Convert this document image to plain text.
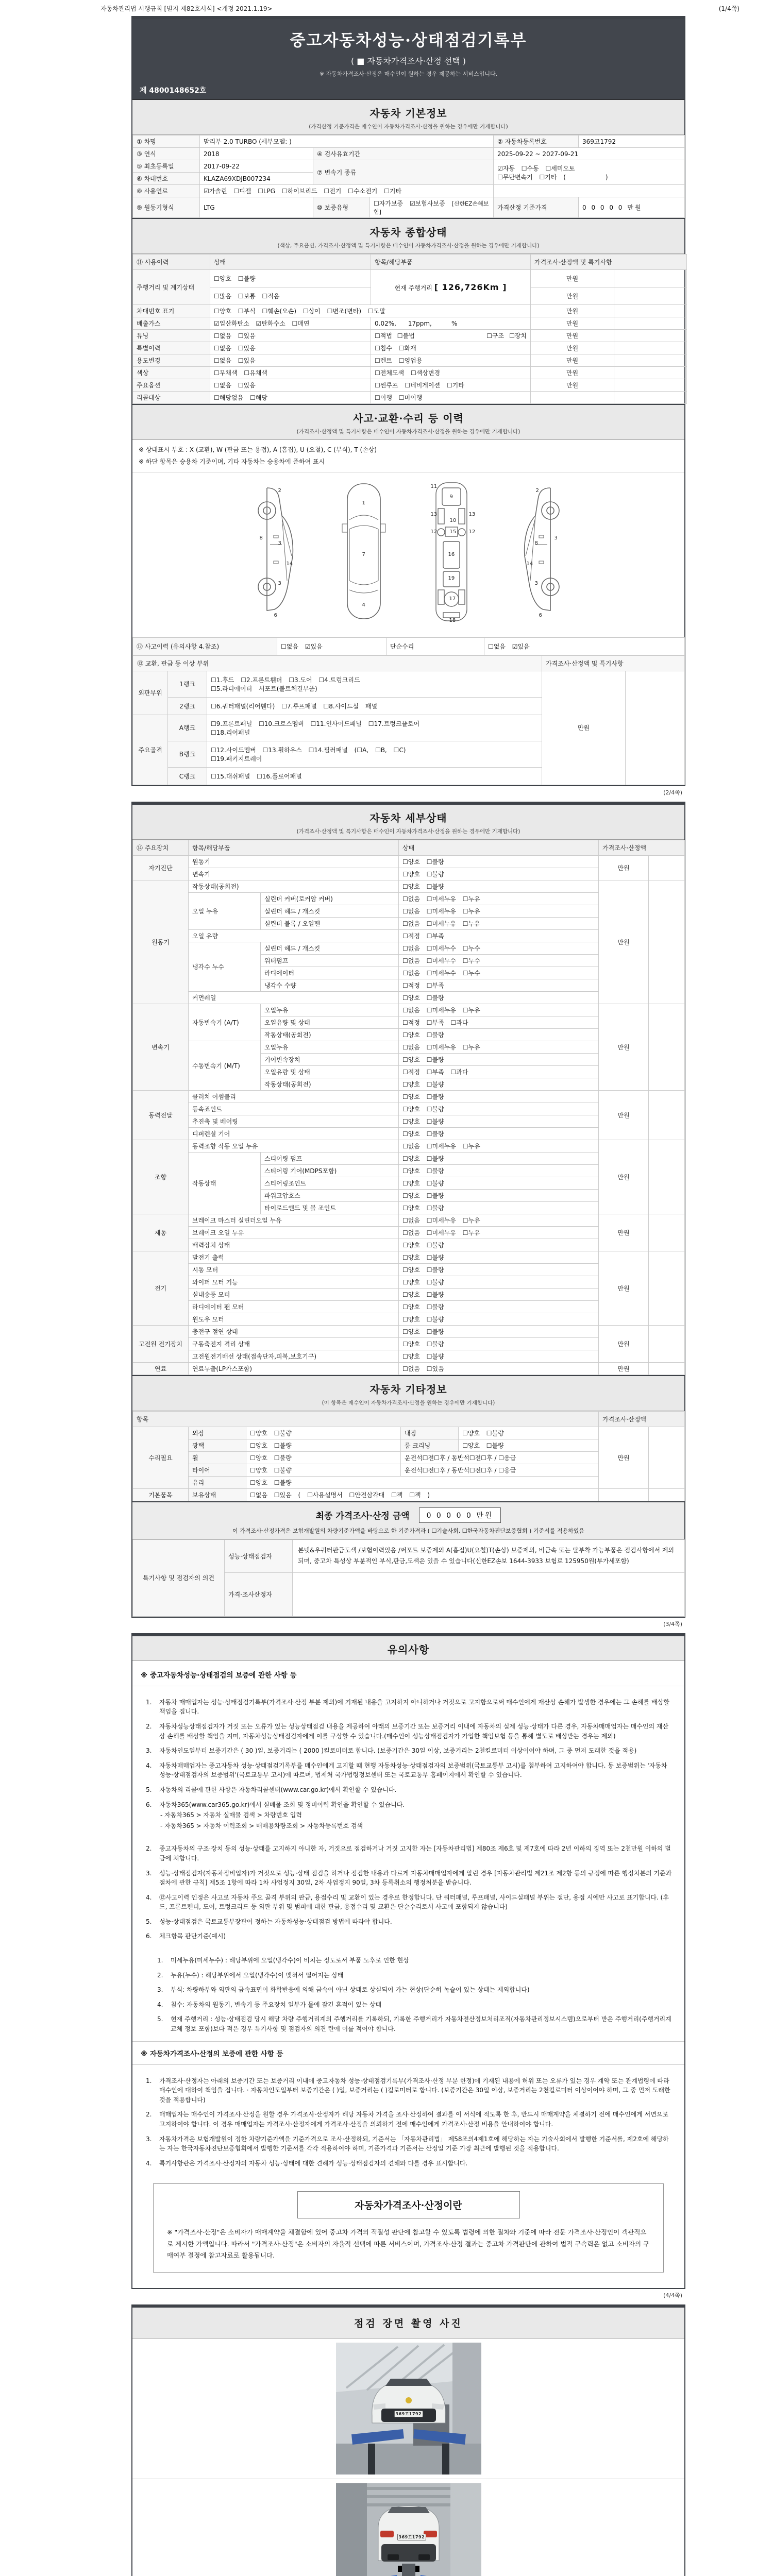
자동차관리법 시행규칙 [별지 제82호서식] <개정 2021.1.19>	(1/4쪽)
중고자동차성능·상태점검기록부
( ■ 자동차가격조사·산정 선택 )
※ 자동차가격조사·산정은 매수인이 원하는 경우 제공하는 서비스입니다.
제 4800148652호
자동차 기본정보
(가격산정 기준가격은 매수인이 자동차가격조사·산정을 원하는 경우에만 기재합니다)
① 차명	말리부 2.0 TURBO (세부모델: )			② 자동차등록번호	369고1792
③ 연식	2018	④ 검사유효기간		2025-09-22 ~ 2027-09-21	
⑤ 최초등록일	2017-09-22	⑦ 변속기 종류		☑자동 ☐수동 ☐세미오토
☐무단변속기 ☐기타 (      )	

⑥ 차대번호	KLAZA69XDJB007234				
⑧ 사용연료	☑가솔린 ☐디젤 ☐LPG ☐하이브리드 ☐전기 ☐수소전기 ☐기타				
⑨ 원동기형식	LTG	⑩ 보증유형	☐자가보증 ☑보험사보증 [신한EZ손해보험]	가격산정 기준가격	0 0 0 0 0 만원
자동차 종합상태
(색상, 주요옵션, 가격조사·산정액 및 특기사항은 매수인이 자동차가격조사·산정을 원하는 경우에만 기재합니다)
⑪ 사용이력	상태	항목/해당부품	가격조사·산정액 및 특기사항	
주행거리 및 계기상태	☐양호 ☐불량	현재 주행거리 [ 126,726Km ]	만원	
	☐많음 ☐보통 ☐적음		만원	
차대번호 표기	☐양호 ☐부식 ☐훼손(오손) ☐상이 ☐변조(변타) ☐도말		만원	
배출가스	☑일산화탄소 ☑탄화수소 ☐매연	0.02%,      17ppm,          %	만원	
튜닝	☐없음 ☐있음	☐적법 ☐불법 ☐구조 ☐장치	만원	
특별이력	☐없음 ☐있음	☐침수 ☐화재	만원	
용도변경	☐없음 ☐있음	☐렌트 ☐영업용	만원	
색상	☐무채색 ☐유채색	☐전체도색 ☐색상변경	만원	
주요옵션	☐없음 ☐있음	☐썬루프 ☐네비게이션 ☐기타	만원	
리콜대상	☐해당없음 ☐해당	☐이행 ☐미이행		
사고·교환·수리 등 이력
(가격조사·산정액 및 특기사항은 매수인이 자동차가격조사·산정을 원하는 경우에만 기재합니다)
※ 상태표시 부호 : X (교환), W (판금 또는 용접), A (흠집), U (요철), C (부식), T (손상)
※ 하단 항목은 승용차 기준이며, 기타 자동차는 승용차에 준하여 표시
2
8
3
14
3
6
1
7
4
11
13
12
9
10
15
16
13
19
12
17
18
2
8
3
14
3
6
⑫ 사고이력 (유의사항 4.참조)	☐없음 ☑있음	단순수리	☐없음 ☑있음
⑬ 교환, 판금 등 이상 부위			가격조사·산정액 및 특기사항	
외판부위	1랭크	☐1.후드 ☐2.프론트휀더 ☐3.도어 ☐4.트렁크리드
☐5.라디에이터 서포트(볼트체결부품)	만원	
	2랭크	☐6.쿼터패널(리어휀다) ☐7.루프패널 ☐8.사이드실 패널		
주요골격	A랭크	☐9.프론트패널 ☐10.크로스멤버 ☐11.인사이드패널 ☐17.트렁크플로어
☐18.리어패널		

	B랭크	☐12.사이드멤버 ☐13.휠하우스 ☐14.필러패널 (☐A, ☐B, ☐C)
☐19.패키지트레이		

	C랭크	☐15.대쉬패널 ☐16.플로어패널		
(2/4쪽)
자동차 세부상태
(가격조사·산정액 및 특기사항은 매수인이 자동차가격조사·산정을 원하는 경우에만 기재합니다)
⑭ 주요장치	항목/해당부품		상태	가격조사·산정액	
자기진단	원동기		☐양호 ☐불량	만원	
	변속기		☐양호 ☐불량		
원동기	작동상태(공회전)		☐양호 ☐불량	만원	
	오일 누유	실린더 커버(로커암 커버)	☐없음 ☐미세누유 ☐누유		
		실린더 헤드 / 개스킷	☐없음 ☐미세누유 ☐누유		
		실린더 블록 / 오일팬	☐없음 ☐미세누유 ☐누유		
	오일 유량		☐적정 ☐부족		
	냉각수 누수	실린더 헤드 / 개스킷	☐없음 ☐미세누수 ☐누수		
		워터펌프	☐없음 ☐미세누수 ☐누수		
		라디에이터	☐없음 ☐미세누수 ☐누수		
		냉각수 수량	☐적정 ☐부족		
	커먼레일		☐양호 ☐불량		
변속기	자동변속기 (A/T)	오일누유	☐없음 ☐미세누유 ☐누유	만원	
		오일유량 및 상태	☐적정 ☐부족 ☐과다		
		작동상태(공회전)	☐양호 ☐불량		
	수동변속기 (M/T)	오일누유	☐없음 ☐미세누유 ☐누유		
		기어변속장치	☐양호 ☐불량		
		오일유량 및 상태	☐적정 ☐부족 ☐과다		
		작동상태(공회전)	☐양호 ☐불량		
동력전달	클러치 어셈블리		☐양호 ☐불량	만원	
	등속죠인트		☐양호 ☐불량		
	추진축 및 베어링		☐양호 ☐불량		
	디퍼렌셜 기어		☐양호 ☐불량		
조향	동력조향 작동 오일 누유		☐없음 ☐미세누유 ☐누유	만원	
	작동상태	스티어링 펌프	☐양호 ☐불량		
		스티어링 기어(MDPS포함)	☐양호 ☐불량		
		스티어링조인트	☐양호 ☐불량		
		파워고압호스	☐양호 ☐불량		
		타이로드엔드 및 볼 조인트	☐양호 ☐불량		
제동	브레이크 마스터 실린더오일 누유		☐없음 ☐미세누유 ☐누유	만원	
	브레이크 오일 누유		☐없음 ☐미세누유 ☐누유		
	배력장치 상태		☐양호 ☐불량		
전기	발전기 출력		☐양호 ☐불량	만원	
	시동 모터		☐양호 ☐불량		
	와이퍼 모터 기능		☐양호 ☐불량		
	실내송풍 모터		☐양호 ☐불량		
	라디에이터 팬 모터		☐양호 ☐불량		
	윈도우 모터		☐양호 ☐불량		
고전원 전기장치	충전구 절연 상태		☐양호 ☐불량	만원	
	구동축전지 격리 상태		☐양호 ☐불량		
	고전원전기배선 상태(접속단자,피복,보호기구)		☐양호 ☐불량		
연료	연료누출(LP가스포함)		☐없음 ☐있음	만원	
자동차 기타정보
(이 항목은 매수인이 자동차가격조사·산정을 원하는 경우에만 기재합니다)
항목					가격조사·산정액	
수리필요	외장	☐양호 ☐불량	내장	☐양호 ☐불량	만원	
	광택	☐양호 ☐불량	룸 크리닝	☐양호 ☐불량		
	휠	☐양호 ☐불량	운전석☐전☐후 / 동반석☐전☐후 / ☐응급			
	타이어	☐양호 ☐불량	운전석☐전☐후 / 동반석☐전☐후 / ☐응급			
	유리	☐양호 ☐불량				
기본품목	보유상태	☐없음 ☐있음 ( ☐사용설명서 ☐안전삼각대 ☐잭 ☐잭 )				
최종 가격조사·산정 금액	0 0 0 0 0 만원
이 가격조사·산정가격은 보험개발원의 차량기준가액을 바탕으로 한 기준가격과 ( ☐기술사회, ☐한국자동차진단보증협회 ) 기준서를 적용하였음
특기사항 및 점검자의 의견	성능·상태점검자	본넷&우쿼터판금도색 /보험이력있음 /써포트 보증제외 A(흠집)U(요철)T(손상) 보증제외, 비금속 또는 탈부착 가능부품은 점검사항에서 제외되며, 중고차 특성상 부분적인 부식,판금,도색은 있을 수 있습니다(신한EZ손보 1644-3933 보험료 125950원(부가세포함)
	가격·조사산정자	
(3/4쪽)
유의사항
※ 중고자동차성능·상태점검의 보증에 관한 사항 등
1.	자동차 매매업자는 성능·상태점검기록부(가격조사·산정 부분 제외)에 기재된 내용을 고지하지 아니하거나 거짓으로 고지함으로써 매수인에게 재산상 손해가 발생한 경우에는 그 손해를 배상할 책임을 집니다.
2.	자동차성능상태점검자가 거짓 또는 오류가 있는 성능상태점검 내용을 제공하여 아래의 보증기간 또는 보증거리 이내에 자동차의 실제 성능·상태가 다른 경우, 자동차매매업자는 매수인의 재산상 손해를 배상할 책임을 지며, 자동차성능상태점검자에게 이를 구상할 수 있습니다.(매수인이 성능상태점검자가 가입한 책임보험 등을 통해 별도로 배상받는 경우는 제외)
3.	자동차인도일부터 보증기간은 ( 30 )일, 보증거리는 ( 2000 )킬로미터로 합니다. (보증기간은 30일 이상, 보증거리는 2천킬로미터 이상이어야 하며, 그 중 먼저 도래한 것을 적용)
4.	자동차매매업자는 중고자동차 성능·상태점검기록부를 매수인에게 고지할 때 현행 자동차성능·상태점검자의 보증범위(국토교통부 고시)를 첨부하여 고지하여야 합니다. 동 보증범위는 '자동차성능·상태점검자의 보증범위'(국토교통부 고시)에 따르며, 법제처 국가법령정보센터 또는 국토교통부 홈페이지에서 확인할 수 있습니다.
5.	자동차의 리콜에 관한 사항은 자동차리콜센터(www.car.go.kr)에서 확인할 수 있습니다.
6.	자동차365(www.car365.go.kr)에서 실매물 조회 및 정비이력 확인을 확인할 수 있습니다.
- 자동차365 > 자동차 실매물 검색 > 차량번호 입력
- 자동차365 > 자동차 이력조회 > 매매용차량조회 > 자동차등록번호 검색
2.	중고자동차의 구조·장치 등의 성능·상태를 고지하지 아니한 자, 거짓으로 점검하거나 거짓 고지한 자는 [자동차관리법] 제80조 제6호 및 제7호에 따라 2년 이하의 징역 또는 2천만원 이하의 벌금에 처합니다.
3.	성능·상태점검자(자동차정비업자)가 거짓으로 성능·상태 점검을 하거나 점검한 내용과 다르게 자동차매매업자에게 알린 경우 [자동차관리법 제21조 제2항 등의 규정에 따른 행정처분의 기준과 절차에 관한 규칙] 제5조 1항에 따라 1차 사업정지 30일, 2차 사업정지 90일, 3차 등록취소의 행정처분을 받습니다.
4.	⑫사고이력 인정은 사고로 자동차 주요 골격 부위의 판금, 용접수리 및 교환이 있는 경우로 한정합니다. 단 쿼터패널, 루프패널, 사이드실패널 부위는 절단, 용접 시에만 사고로 표기합니다. (후드, 프론트펜더, 도어, 트렁크리드 등 외판 부위 및 범퍼에 대한 판금, 용접수리 및 교환은 단순수리로서 사고에 포함되지 않습니다)
5.	성능·상태점검은 국토교통부장관이 정하는 자동차성능·상태점검 방법에 따라야 합니다.
6.	체크항목 판단기준(예시)
1.	미세누유(미세누수) : 해당부위에 오일(냉각수)이 비치는 정도로서 부품 노후로 인한 현상
2.	누유(누수) : 해당부위에서 오일(냉각수)이 맺혀서 떨어지는 상태
3.	부식: 차량하부와 외판의 금속표면이 화학반응에 의해 금속이 아닌 상태로 상실되어 가는 현상(단순히 녹슬어 있는 상태는 제외합니다)
4.	침수: 자동차의 원동기, 변속기 등 주요장치 일부가 물에 잠긴 흔적이 있는 상태
5.	현재 주행거리 : 성능·상태점검 당시 해당 차량 주행거리계의 주행거리를 기록하되, 기록한 주행거리가 자동차전산정보처리조직(자동차관리정보시스템)으로부터 받은 주행거리(주행거리계 교체 정보 포함)보다 적은 경우 특기사항 및 점검자의 의견 란에 이를 적어야 합니다.
※ 자동차가격조사·산정의 보증에 관한 사항 등
1.	가격조사·산정자는 아래의 보증기간 또는 보증거리 이내에 중고자동차 성능·상태점검기록부(가격조사·산정 부분 한정)에 기재된 내용에 허위 또는 오류가 있는 경우 계약 또는 관계법령에 따라 매수인에 대하여 책임을 집니다. · 자동차인도일부터 보증기간은 ( )일, 보증거리는 ( )킬로미터로 합니다. (보증기간은 30일 이상, 보증거리는 2천킬로미터 이상이어야 하며, 그 중 먼저 도래한 것을 적용합니다)
2.	매매업자는 매수인이 가격조사·산정을 원할 경우 가격조사·산정자가 해당 자동차 가격을 조사·산정하여 결과를 이 서식에 적도록 한 후, 반드시 매매계약을 체결하기 전에 매수인에게 서면으로 고지하여야 합니다. 이 경우 매매업자는 가격조사·산정자에게 가격조사·산정을 의뢰하기 전에 매수인에게 가격조사·산정 비용을 안내하여야 합니다.
3.	자동차가격은 보험개발원이 정한 차량기준가액을 기준가격으로 조사·산정하되, 기준서는 「자동차관리법」 제58조의4제1호에 해당하는 자는 기술사회에서 발행한 기준서를, 제2호에 해당하는 자는 한국자동차진단보증협회에서 발행한 기준서를 각각 적용하여야 하며, 기준가격과 기준서는 산정일 기준 가장 최근에 발행된 것을 적용합니다.
4.	특기사항란은 가격조사·산정자의 자동차 성능·상태에 대한 견해가 성능·상태점검자의 견해와 다를 경우 표시합니다.
자동차가격조사·산정이란
※ "가격조사·산정"은 소비자가 매매계약을 체결함에 있어 중고차 가격의 적절성 판단에 참고할 수 있도록 법령에 의한 절차와 기준에 따라 전문 가격조사·산정인이 객관적으로 제시한 가액입니다. 따라서 "가격조사·산정"은 소비자의 자율적 선택에 따른 서비스이며, 가격조사·산정 결과는 중고차 가격판단에 관하여 법적 구속력은 없고 소비자의 구매여부 결정에 참고자료로 활용됩니다.
(4/4쪽)
점검 장면 촬영 사진
369고1792
369고1792
